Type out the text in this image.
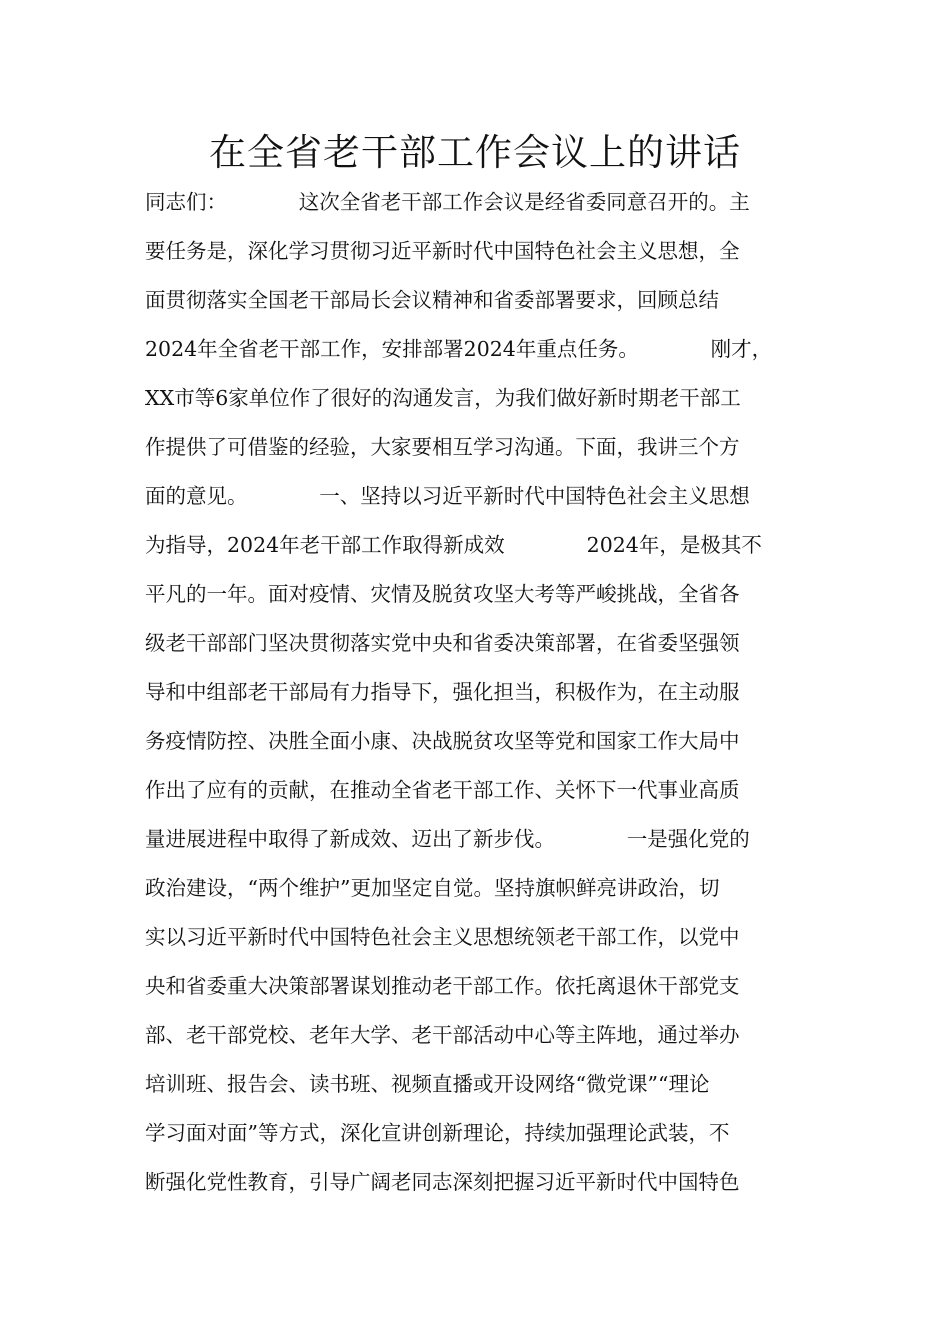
在全省老干部工作会议上的讲话
同志们：　　　　这次全省老干部工作会议是经省委同意召开的。主
要任务是，深化学习贯彻习近平新时代中国特色社会主义思想，全
面贯彻落实全国老干部局长会议精神和省委部署要求，回顾总结
2024年全省老干部工作，安排部署2024年重点任务。　　　　刚才，
XX市等6家单位作了很好的沟通发言，为我们做好新时期老干部工
作提供了可借鉴的经验，大家要相互学习沟通。下面，我讲三个方
面的意见。　　　　一、坚持以习近平新时代中国特色社会主义思想
为指导，2024年老干部工作取得新成效　　　　2024年，是极其不
平凡的一年。面对疫情、灾情及脱贫攻坚大考等严峻挑战，全省各
级老干部部门坚决贯彻落实党中央和省委决策部署，在省委坚强领
导和中组部老干部局有力指导下，强化担当，积极作为，在主动服
务疫情防控、决胜全面小康、决战脱贫攻坚等党和国家工作大局中
作出了应有的贡献，在推动全省老干部工作、关怀下一代事业高质
量进展进程中取得了新成效、迈出了新步伐。　　　　一是强化党的
政治建设，“两个维护”更加坚定自觉。坚持旗帜鲜亮讲政治，切
实以习近平新时代中国特色社会主义思想统领老干部工作，以党中
央和省委重大决策部署谋划推动老干部工作。依托离退休干部党支
部、老干部党校、老年大学、老干部活动中心等主阵地，通过举办
培训班、报告会、读书班、视频直播或开设网络“微党课”“理论
学习面对面”等方式，深化宣讲创新理论，持续加强理论武装，不
断强化党性教育，引导广阔老同志深刻把握习近平新时代中国特色
